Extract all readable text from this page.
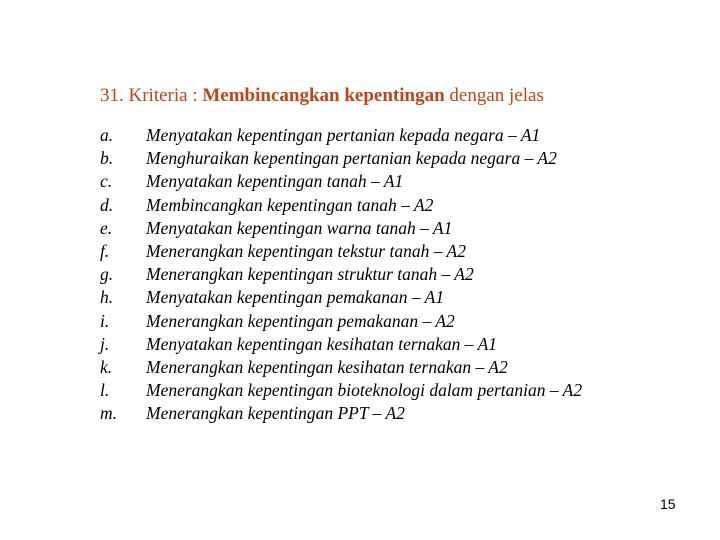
31. Kriteria : Membincangkan kepentingan dengan jelas
a.	Menyatakan kepentingan pertanian kepada negara – A1
b.	Menghuraikan kepentingan pertanian kepada negara – A2
c.	Menyatakan kepentingan tanah – A1
d.	Membincangkan kepentingan tanah – A2
e.	Menyatakan kepentingan warna tanah – A1
f.	Menerangkan kepentingan tekstur tanah – A2
g.	Menerangkan kepentingan struktur tanah – A2
h.	Menyatakan kepentingan pemakanan – A1
i.	Menerangkan kepentingan pemakanan – A2
j.	Menyatakan kepentingan kesihatan ternakan – A1
k.	Menerangkan kepentingan kesihatan ternakan – A2
l.	Menerangkan kepentingan bioteknologi dalam pertanian – A2
m.	Menerangkan kepentingan PPT – A2
15
